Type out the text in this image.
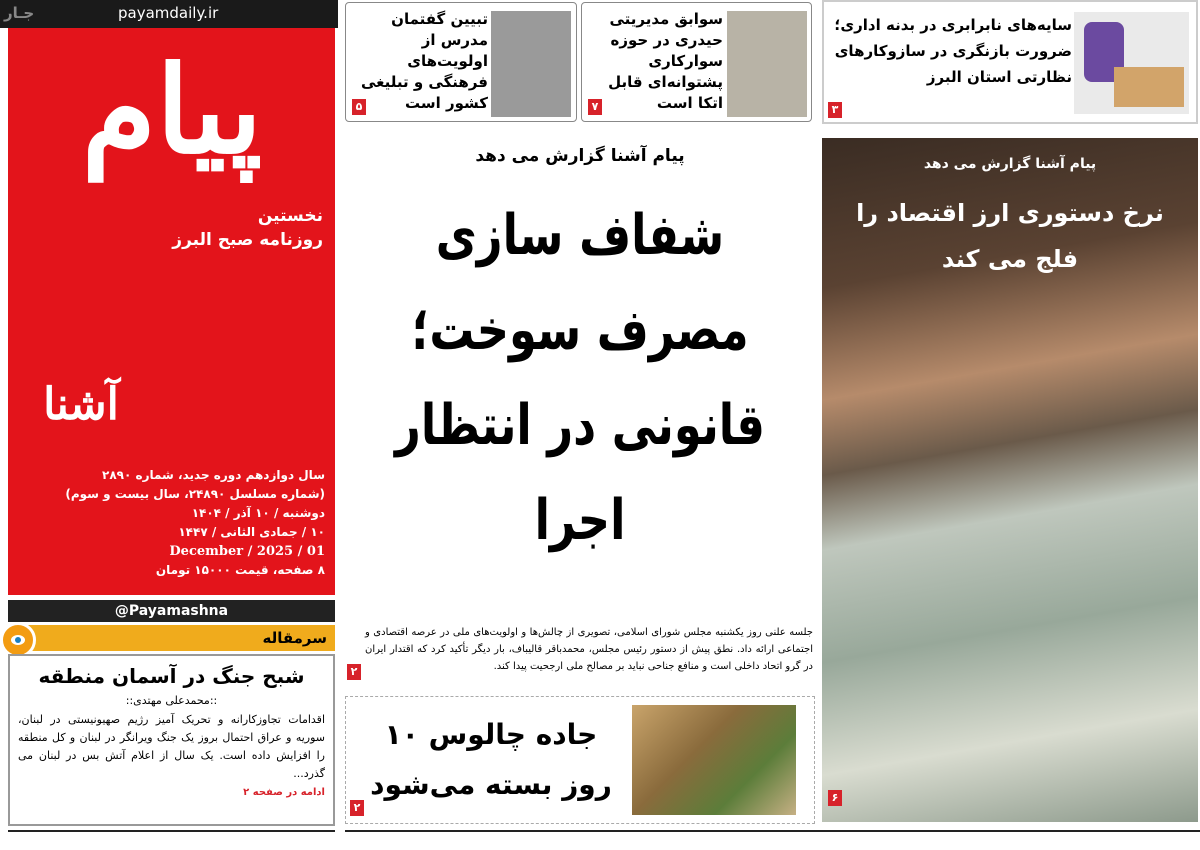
payamdaily.ir
جـار
پیام
آشنا
نخستین
روزنامه صبح البرز
سال دوازدهم دوره جدید، شماره ۲۸۹۰
(شماره مسلسل ۲۴۸۹۰، سال بیست و سوم)
دوشنبه / ۱۰ آذر / ۱۴۰۴
۱۰ / جمادی الثانی / ۱۴۴۷
01 / December / 2025
۸ صفحه، قیمت ۱۵۰۰۰ تومان
@Payamashna
سرمقاله
شبح جنگ در آسمان منطقه
::محمدعلی مهتدی::
اقدامات تجاوزکارانه و تحریک آمیز رژیم صهیونیستی در لبنان، سوریه و عراق احتمال بروز یک جنگ ویرانگر در لبنان و کل منطقه را افزایش داده است. یک سال از اعلام آتش بس در لبنان می گذرد...
ادامه در صفحه ۲
تبیین گفتمان مدرس از اولویت‌های فرهنگی و تبلیغی کشور است
۵
سوابق مدیریتی حیدری در حوزه سوارکاری پشتوانه‌ای قابل اتکا است
۷
سایه‌های نابرابری در بدنه اداری؛ ضرورت بازنگری در سازوکارهای نظارتی استان البرز
۳
پیام آشنا گزارش می دهد
شفاف سازی
مصرف سوخت؛
قانونی در انتظار
اجرا
جلسه علنی روز یکشنبه مجلس شورای اسلامی، تصویری از چالش‌ها و اولویت‌های ملی در عرصه اقتصادی و اجتماعی ارائه داد. نطق پیش از دستور رئیس مجلس، محمدباقر قالیباف، بار دیگر تأکید کرد که اقتدار ایران در گرو اتحاد داخلی است و منافع جناحی نباید بر مصالح ملی ارجحیت پیدا کند.
۲
جاده چالوس ۱۰
روز بسته می‌شود
۲
پیام آشنا گزارش می دهد
نرخ دستوری ارز اقتصاد را
فلج می کند
۶
